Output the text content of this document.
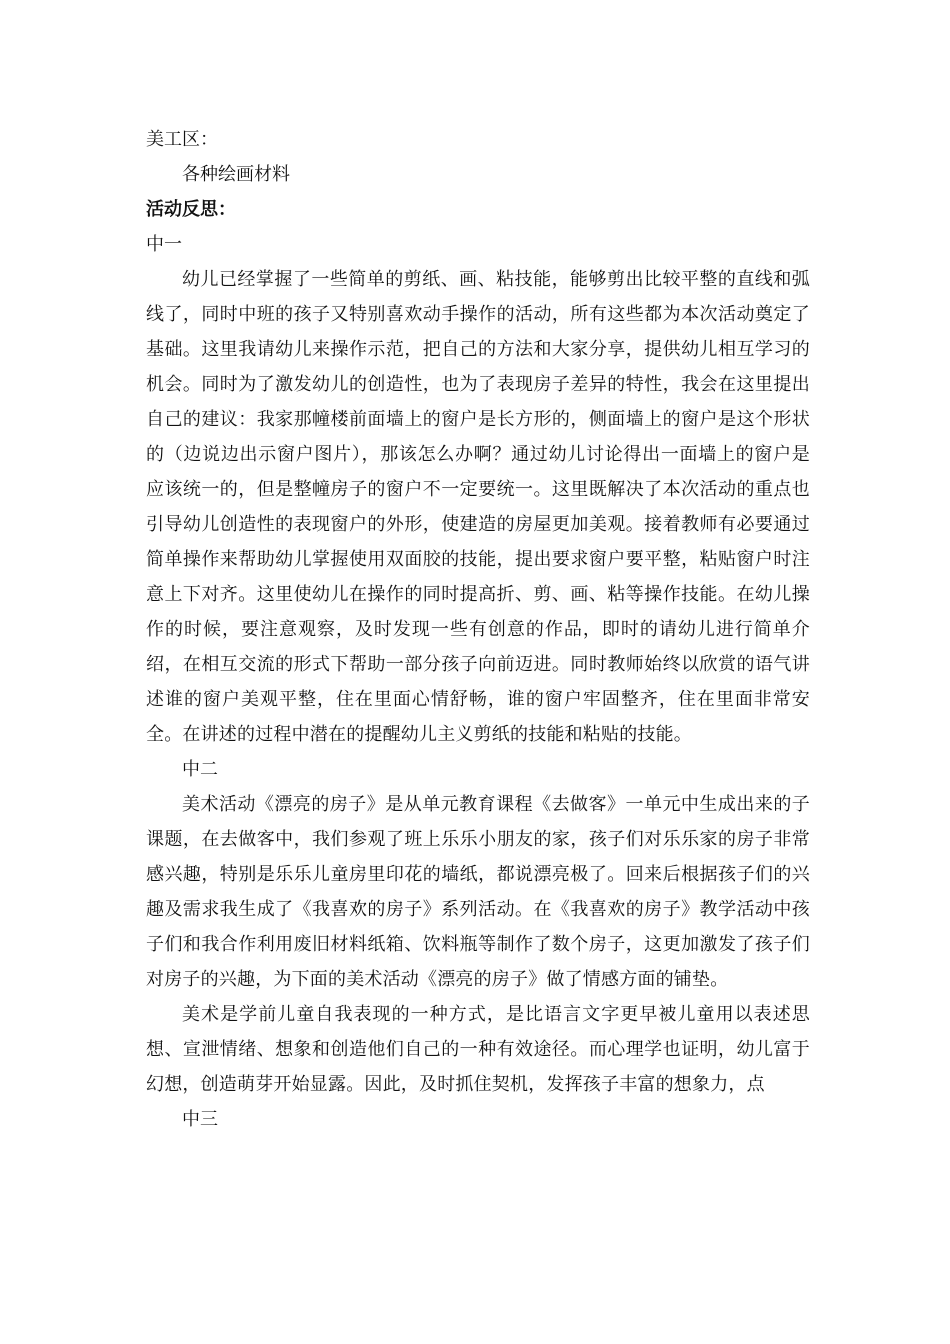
美工区：

各种绘画材料

活动反思：

中一

幼儿已经掌握了一些简单的剪纸、画、粘技能，能够剪出比较平整的直线和弧线了，同时中班的孩子又特别喜欢动手操作的活动，所有这些都为本次活动奠定了基础。这里我请幼儿来操作示范，把自己的方法和大家分享，提供幼儿相互学习的机会。同时为了激发幼儿的创造性，也为了表现房子差异的特性，我会在这里提出自己的建议：我家那幢楼前面墙上的窗户是长方形的，侧面墙上的窗户是这个形状的（边说边出示窗户图片），那该怎么办啊？通过幼儿讨论得出一面墙上的窗户是应该统一的，但是整幢房子的窗户不一定要统一。这里既解决了本次活动的重点也引导幼儿创造性的表现窗户的外形，使建造的房屋更加美观。接着教师有必要通过简单操作来帮助幼儿掌握使用双面胶的技能，提出要求窗户要平整，粘贴窗户时注意上下对齐。这里使幼儿在操作的同时提高折、剪、画、粘等操作技能。在幼儿操作的时候，要注意观察，及时发现一些有创意的作品，即时的请幼儿进行简单介绍，在相互交流的形式下帮助一部分孩子向前迈进。同时教师始终以欣赏的语气讲述谁的窗户美观平整，住在里面心情舒畅，谁的窗户牢固整齐，住在里面非常安全。在讲述的过程中潜在的提醒幼儿主义剪纸的技能和粘贴的技能。

中二

美术活动《漂亮的房子》是从单元教育课程《去做客》一单元中生成出来的子课题，在去做客中，我们参观了班上乐乐小朋友的家，孩子们对乐乐家的房子非常感兴趣，特别是乐乐儿童房里印花的墙纸，都说漂亮极了。回来后根据孩子们的兴趣及需求我生成了《我喜欢的房子》系列活动。在《我喜欢的房子》教学活动中孩子们和我合作利用废旧材料纸箱、饮料瓶等制作了数个房子，这更加激发了孩子们对房子的兴趣，为下面的美术活动《漂亮的房子》做了情感方面的铺垫。

美术是学前儿童自我表现的一种方式，是比语言文字更早被儿童用以表述思想、宣泄情绪、想象和创造他们自己的一种有效途径。而心理学也证明，幼儿富于幻想，创造萌芽开始显露。因此，及时抓住契机，发挥孩子丰富的想象力，点

中三
